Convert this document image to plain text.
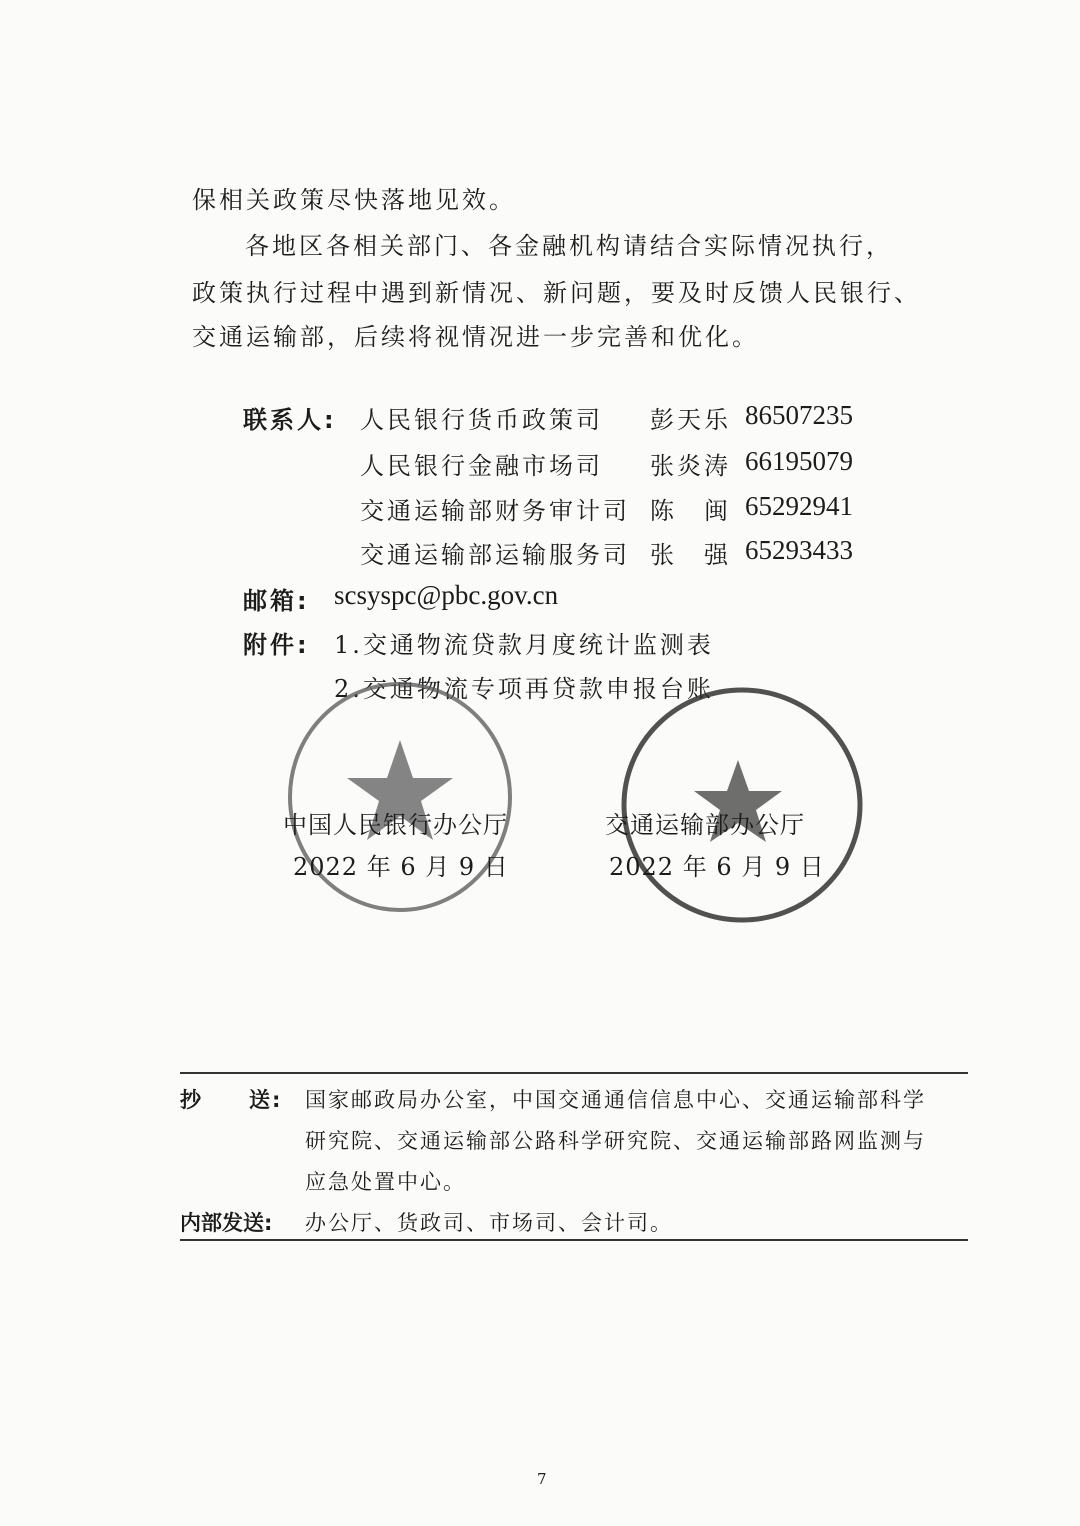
保相关政策尽快落地见效。
各地区各相关部门、各金融机构请结合实际情况执行，
政策执行过程中遇到新情况、新问题，要及时反馈人民银行、
交通运输部，后续将视情况进一步完善和优化。
联系人: 人民银行货币政策司 彭天乐 86507235
人民银行金融市场司 张炎涛 66195079
交通运输部财务审计司 陈　闽 65292941
交通运输部运输服务司 张　强 65293433
邮箱: scsyspc@pbc.gov.cn
附件: 1.交通物流贷款月度统计监测表
2.交通物流专项再贷款申报台账
中国人民银行办公厅
2022 年 6 月 9 日
交通运输部办公厅
2022 年 6 月 9 日
抄　　送: 国家邮政局办公室，中国交通通信信息中心、交通运输部科学
研究院、交通运输部公路科学研究院、交通运输部路网监测与
应急处置中心。
内部发送: 办公厅、货政司、市场司、会计司。
7
